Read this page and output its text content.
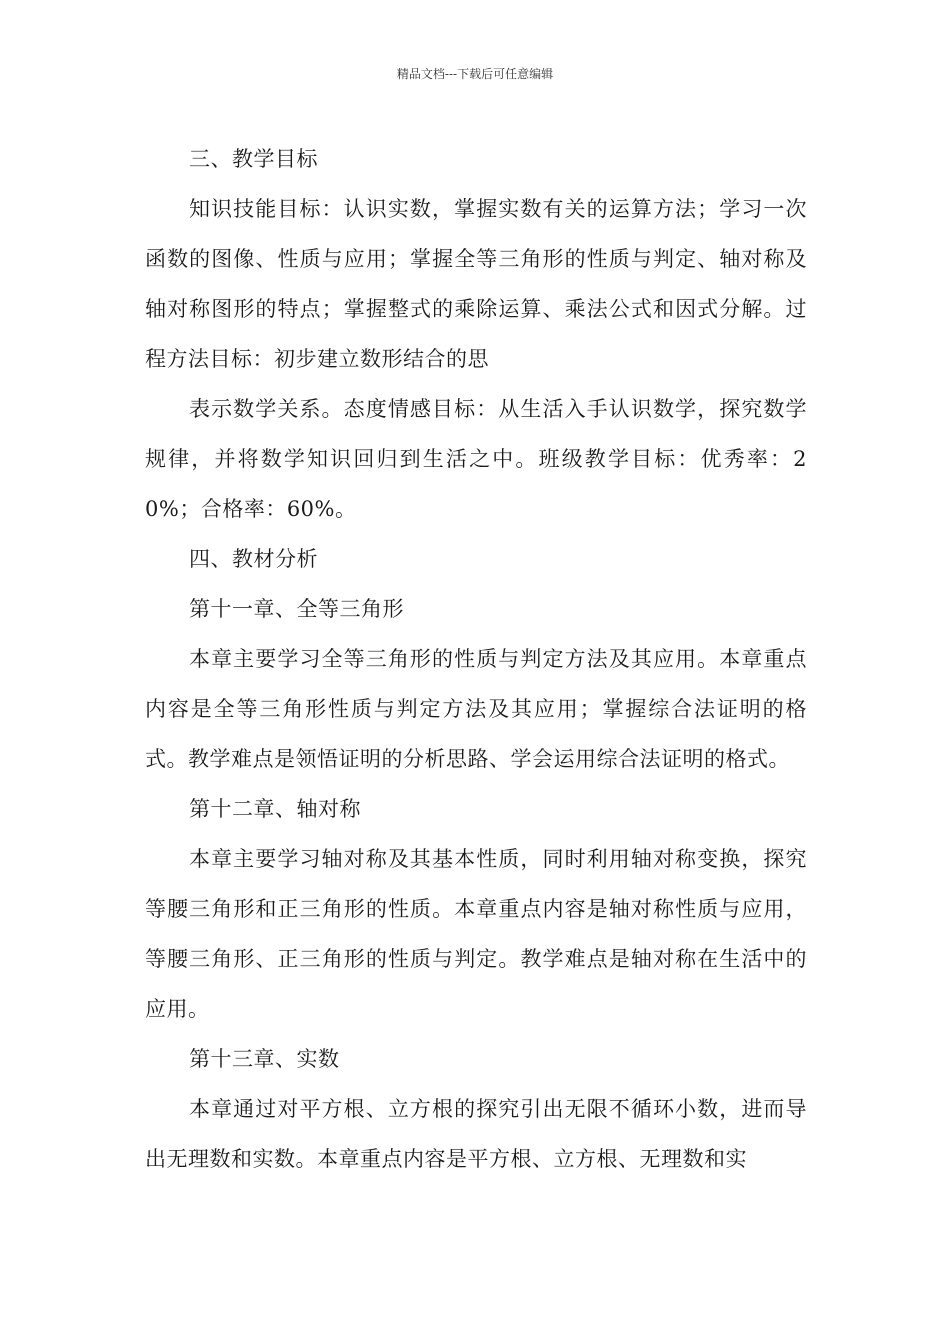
精品文档---下载后可任意编辑

三、教学目标

知识技能目标：认识实数，掌握实数有关的运算方法；学习一次函数的图像、性质与应用；掌握全等三角形的性质与判定、轴对称及轴对称图形的特点；掌握整式的乘除运算、乘法公式和因式分解。过程方法目标：初步建立数形结合的思

表示数学关系。态度情感目标：从生活入手认识数学，探究数学规律，并将数学知识回归到生活之中。班级教学目标：优秀率：20%；合格率：60%。

四、教材分析

第十一章、全等三角形

本章主要学习全等三角形的性质与判定方法及其应用。本章重点内容是全等三角形性质与判定方法及其应用；掌握综合法证明的格式。教学难点是领悟证明的分析思路、学会运用综合法证明的格式。

第十二章、轴对称

本章主要学习轴对称及其基本性质，同时利用轴对称变换，探究等腰三角形和正三角形的性质。本章重点内容是轴对称性质与应用，等腰三角形、正三角形的性质与判定。教学难点是轴对称在生活中的应用。

第十三章、实数

本章通过对平方根、立方根的探究引出无限不循环小数，进而导出无理数和实数。本章重点内容是平方根、立方根、无理数和实
